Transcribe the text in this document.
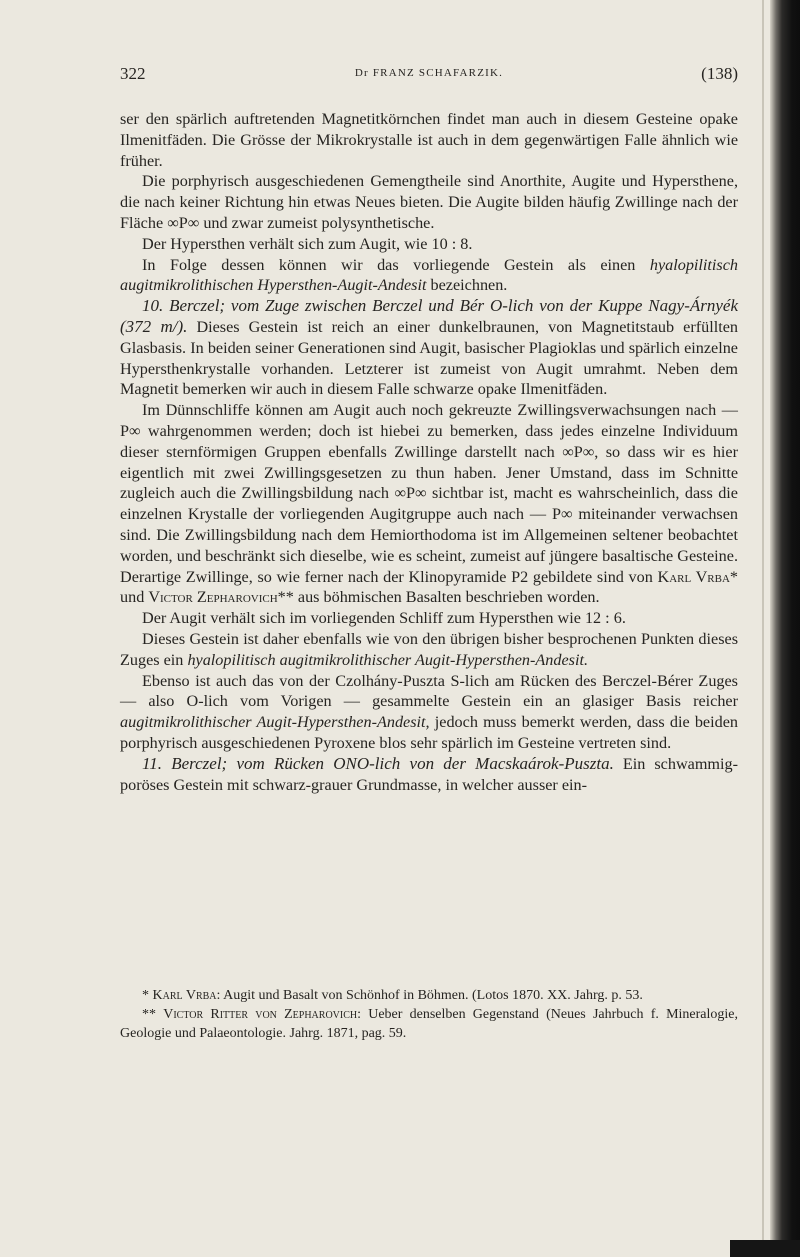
322	Dr FRANZ SCHAFARZIK.	(138)

ser den spärlich auftretenden Magnetitkörnchen findet man auch in diesem Gesteine opake Ilmenitfäden. Die Grösse der Mikrokrystalle ist auch in dem gegenwärtigen Falle ähnlich wie früher.

Die porphyrisch ausgeschiedenen Gemengtheile sind Anorthite, Augite und Hypersthene, die nach keiner Richtung hin etwas Neues bieten. Die Augite bilden häufig Zwillinge nach der Fläche ∞P∞ und zwar zumeist polysynthetische.

Der Hypersthen verhält sich zum Augit, wie 10 : 8.

In Folge dessen können wir das vorliegende Gestein als einen hyalopilitisch augitmikrolithischen Hypersthen-Augit-Andesit bezeichnen.

10. Berczel; vom Zuge zwischen Berczel und Bér O-lich von der Kuppe Nagy-Árnyék (372 m/). Dieses Gestein ist reich an einer dunkelbraunen, von Magnetitstaub erfüllten Glasbasis. In beiden seiner Generationen sind Augit, basischer Plagioklas und spärlich einzelne Hypersthenkrystalle vorhanden. Letzterer ist zumeist von Augit umrahmt. Neben dem Magnetit bemerken wir auch in diesem Falle schwarze opake Ilmenitfäden.

Im Dünnschliffe können am Augit auch noch gekreuzte Zwillingsverwachsungen nach — P∞ wahrgenommen werden; doch ist hiebei zu bemerken, dass jedes einzelne Individuum dieser sternförmigen Gruppen ebenfalls Zwillinge darstellt nach ∞P∞, so dass wir es hier eigentlich mit zwei Zwillingsgesetzen zu thun haben. Jener Umstand, dass im Schnitte zugleich auch die Zwillingsbildung nach ∞P∞ sichtbar ist, macht es wahrscheinlich, dass die einzelnen Krystalle der vorliegenden Augitgruppe auch nach — P∞ miteinander verwachsen sind. Die Zwillingsbildung nach dem Hemiorthodoma ist im Allgemeinen seltener beobachtet worden, und beschränkt sich dieselbe, wie es scheint, zumeist auf jüngere basaltische Gesteine. Derartige Zwillinge, so wie ferner nach der Klinopyramide P2 gebildete sind von Karl Vrba* und Victor Zepharovich** aus böhmischen Basalten beschrieben worden.

Der Augit verhält sich im vorliegenden Schliff zum Hypersthen wie 12 : 6.

Dieses Gestein ist daher ebenfalls wie von den übrigen bisher besprochenen Punkten dieses Zuges ein hyalopilitisch augitmikrolithischer Augit-Hypersthen-Andesit.

Ebenso ist auch das von der Czolhány-Puszta S-lich am Rücken des Berczel-Bérer Zuges — also O-lich vom Vorigen — gesammelte Gestein ein an glasiger Basis reicher augitmikrolithischer Augit-Hypersthen-Andesit, jedoch muss bemerkt werden, dass die beiden porphyrisch ausgeschiedenen Pyroxene blos sehr spärlich im Gesteine vertreten sind.

11. Berczel; vom Rücken ONO-lich von der Macskaárok-Puszta. Ein schwammig-poröses Gestein mit schwarz-grauer Grundmasse, in welcher ausser ein-

* Karl Vrba: Augit und Basalt von Schönhof in Böhmen. (Lotos 1870. XX. Jahrg. p. 53.

** Victor Ritter von Zepharovich: Ueber denselben Gegenstand (Neues Jahrbuch f. Mineralogie, Geologie und Palaeontologie. Jahrg. 1871, pag. 59.
